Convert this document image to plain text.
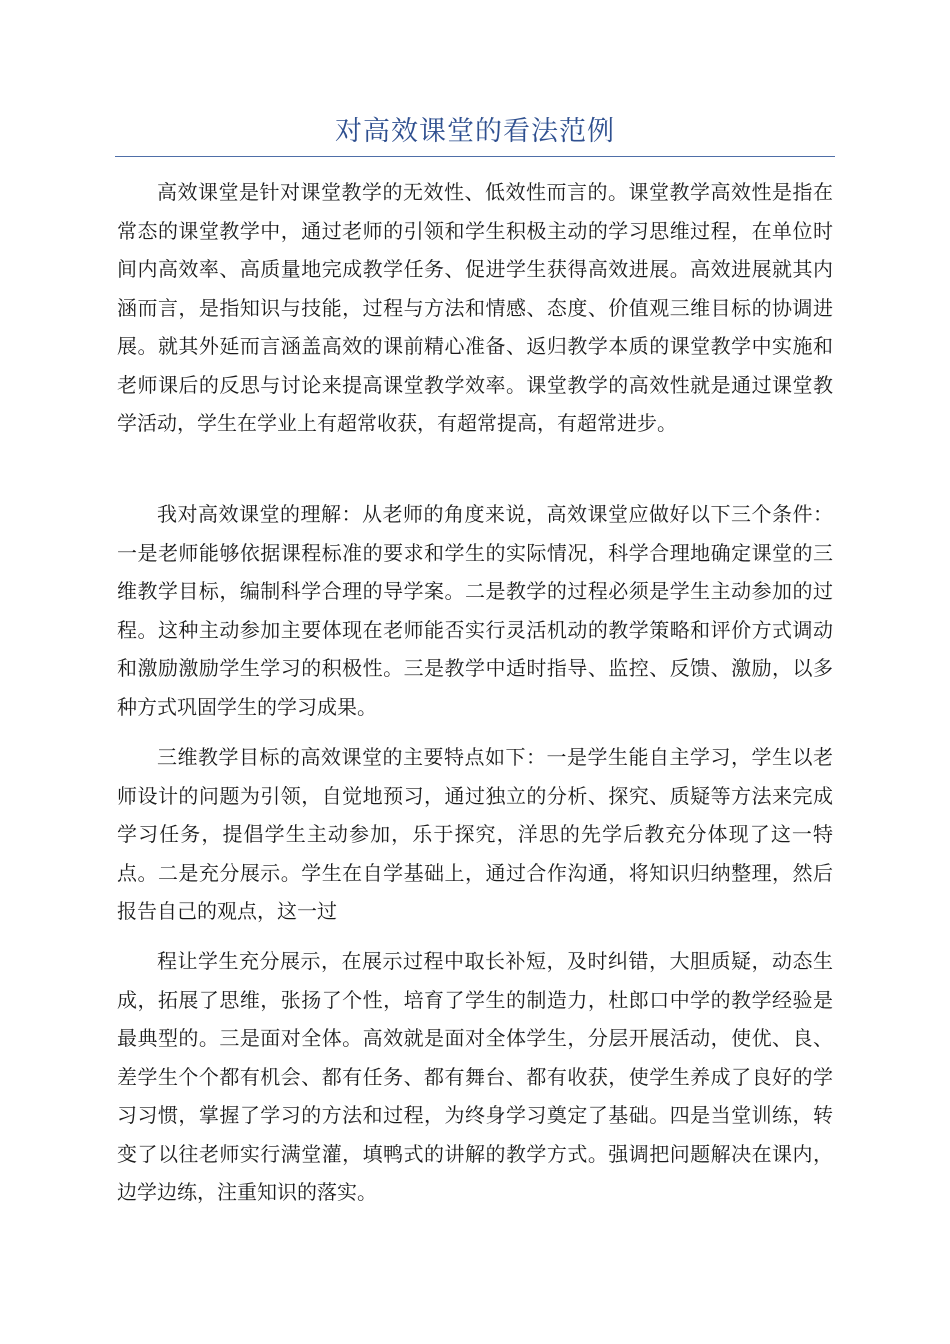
对高效课堂的看法范例

高效课堂是针对课堂教学的无效性、低效性而言的。课堂教学高效性是指在常态的课堂教学中，通过老师的引领和学生积极主动的学习思维过程，在单位时间内高效率、高质量地完成教学任务、促进学生获得高效进展。高效进展就其内涵而言，是指知识与技能，过程与方法和情感、态度、价值观三维目标的协调进展。就其外延而言涵盖高效的课前精心准备、返归教学本质的课堂教学中实施和老师课后的反思与讨论来提高课堂教学效率。课堂教学的高效性就是通过课堂教学活动，学生在学业上有超常收获，有超常提高，有超常进步。

我对高效课堂的理解：从老师的角度来说，高效课堂应做好以下三个条件：一是老师能够依据课程标准的要求和学生的实际情况，科学合理地确定课堂的三维教学目标，编制科学合理的导学案。二是教学的过程必须是学生主动参加的过程。这种主动参加主要体现在老师能否实行灵活机动的教学策略和评价方式调动和激励激励学生学习的积极性。三是教学中适时指导、监控、反馈、激励，以多种方式巩固学生的学习成果。

三维教学目标的高效课堂的主要特点如下：一是学生能自主学习，学生以老师设计的问题为引领，自觉地预习，通过独立的分析、探究、质疑等方法来完成学习任务，提倡学生主动参加，乐于探究，洋思的先学后教充分体现了这一特点。二是充分展示。学生在自学基础上，通过合作沟通，将知识归纳整理，然后报告自己的观点，这一过

程让学生充分展示，在展示过程中取长补短，及时纠错，大胆质疑，动态生成，拓展了思维，张扬了个性，培育了学生的制造力，杜郎口中学的教学经验是最典型的。三是面对全体。高效就是面对全体学生，分层开展活动，使优、良、差学生个个都有机会、都有任务、都有舞台、都有收获，使学生养成了良好的学习习惯，掌握了学习的方法和过程，为终身学习奠定了基础。四是当堂训练，转变了以往老师实行满堂灌，填鸭式的讲解的教学方式。强调把问题解决在课内，边学边练，注重知识的落实。
